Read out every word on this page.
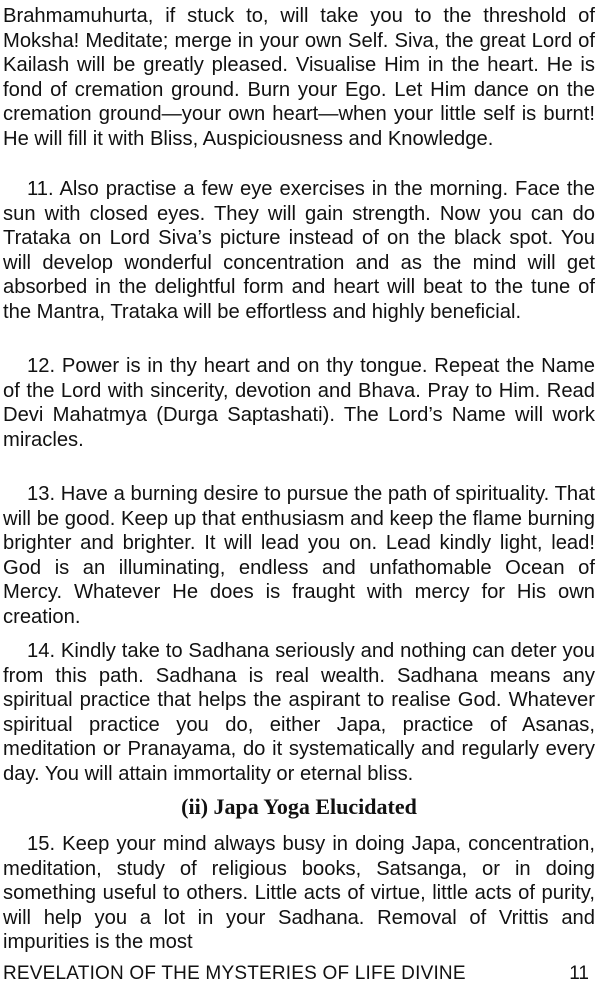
Brahmamuhurta, if stuck to, will take you to the threshold of Moksha! Meditate; merge in your own Self. Siva, the great Lord of Kailash will be greatly pleased. Visualise Him in the heart. He is fond of cremation ground. Burn your Ego. Let Him dance on the cremation ground—your own heart—when your little self is burnt! He will fill it with Bliss, Auspiciousness and Knowledge.

11. Also practise a few eye exercises in the morning. Face the sun with closed eyes. They will gain strength. Now you can do Trataka on Lord Siva’s picture instead of on the black spot. You will develop wonderful concentration and as the mind will get absorbed in the delightful form and heart will beat to the tune of the Mantra, Trataka will be effortless and highly beneficial.

12. Power is in thy heart and on thy tongue. Repeat the Name of the Lord with sincerity, devotion and Bhava. Pray to Him. Read Devi Mahatmya (Durga Saptashati). The Lord’s Name will work miracles.

13. Have a burning desire to pursue the path of spirituality. That will be good. Keep up that enthusiasm and keep the flame burning brighter and brighter. It will lead you on. Lead kindly light, lead! God is an illuminating, endless and unfathomable Ocean of Mercy. Whatever He does is fraught with mercy for His own creation.

14. Kindly take to Sadhana seriously and nothing can deter you from this path. Sadhana is real wealth. Sadhana means any spiritual practice that helps the aspirant to realise God. Whatever spiritual practice you do, either Japa, practice of Asanas, meditation or Pranayama, do it systematically and regularly every day. You will attain immortality or eternal bliss.

(ii) Japa Yoga Elucidated

15. Keep your mind always busy in doing Japa, concentration, meditation, study of religious books, Satsanga, or in doing something useful to others. Little acts of virtue, little acts of purity, will help you a lot in your Sadhana. Removal of Vrittis and impurities is the most

REVELATION OF THE MYSTERIES OF LIFE DIVINE	11
